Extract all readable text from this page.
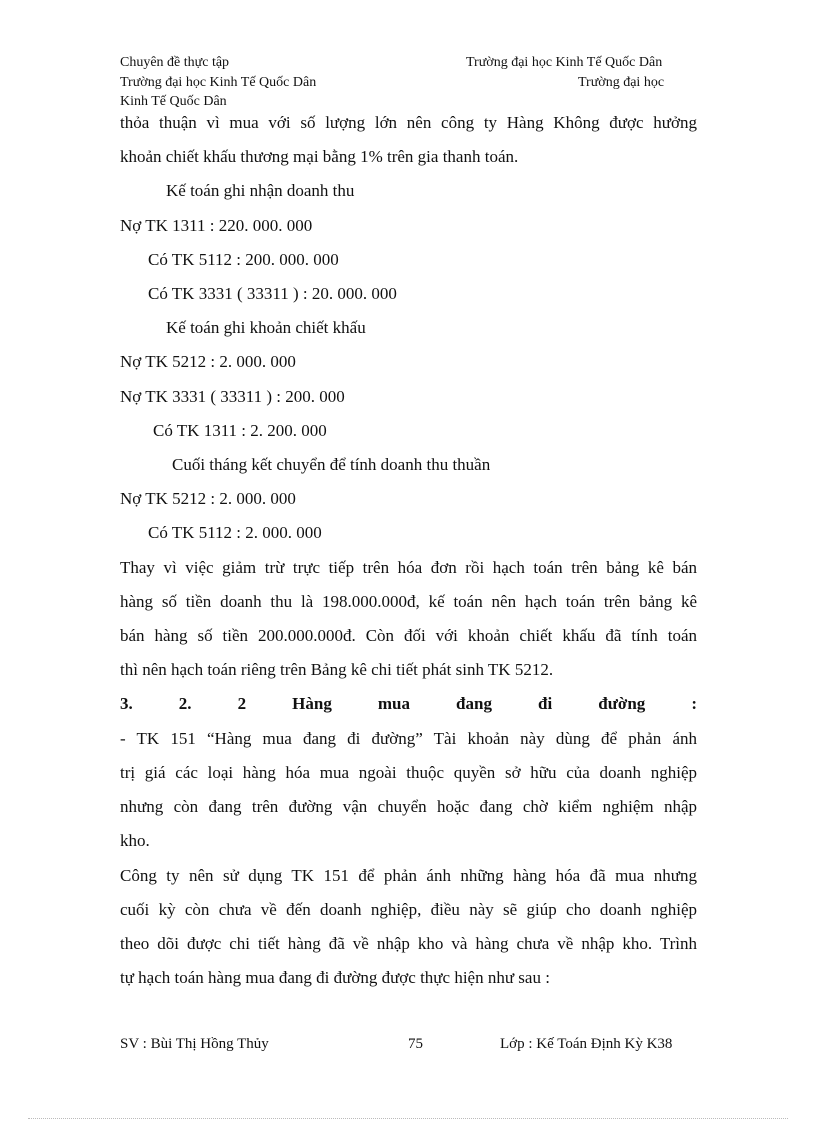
Chuyên đề thực tập	Trường đại học Kinh Tế Quốc Dân
Trường đại học Kinh Tế Quốc Dân	Trường đại học
Kinh Tế Quốc Dân
thỏa thuận vì mua với số lượng lớn nên công ty Hàng Không được hưởng
khoản chiết khấu thương mại bằng 1% trên gia thanh toán.
Kế toán ghi nhận doanh thu
Nợ TK 1311 : 220. 000. 000
Có TK 5112 : 200. 000. 000
Có TK 3331 ( 33311 ) : 20. 000. 000
Kế toán ghi khoản chiết khấu
Nợ TK 5212 : 2. 000. 000
Nợ TK 3331 ( 33311 ) : 200. 000
Có TK 1311 : 2. 200. 000
Cuối tháng kết chuyển để tính doanh thu thuần
Nợ TK 5212 : 2. 000. 000
Có TK 5112 : 2. 000. 000
Thay vì việc giảm trừ trực tiếp trên hóa đơn rồi hạch toán trên bảng kê bán
hàng số tiền doanh thu là 198.000.000đ, kế toán nên hạch toán trên bảng kê
bán hàng số tiền 200.000.000đ. Còn đối với khoản chiết khấu đã tính toán
thì nên hạch toán riêng trên Bảng kê chi tiết phát sinh TK 5212.
3. 2. 2 Hàng mua đang đi đường :
- TK 151 “Hàng mua đang đi đường” Tài khoản này dùng để phản ánh
trị giá các loại hàng hóa mua ngoài thuộc quyền sở hữu của doanh nghiệp
nhưng còn đang trên đường vận chuyển hoặc đang chờ kiểm nghiệm nhập
kho.
Công ty nên sử dụng TK 151 để phản ánh những hàng hóa đã mua nhưng
cuối kỳ còn chưa về đến doanh nghiệp, điều này sẽ giúp cho doanh nghiệp
theo dõi được chi tiết hàng đã về nhập kho và hàng chưa về nhập kho. Trình
tự hạch toán hàng mua đang đi đường được thực hiện như sau :
SV : Bùi Thị Hồng Thủy	75	Lớp : Kế Toán Định Kỳ K38
